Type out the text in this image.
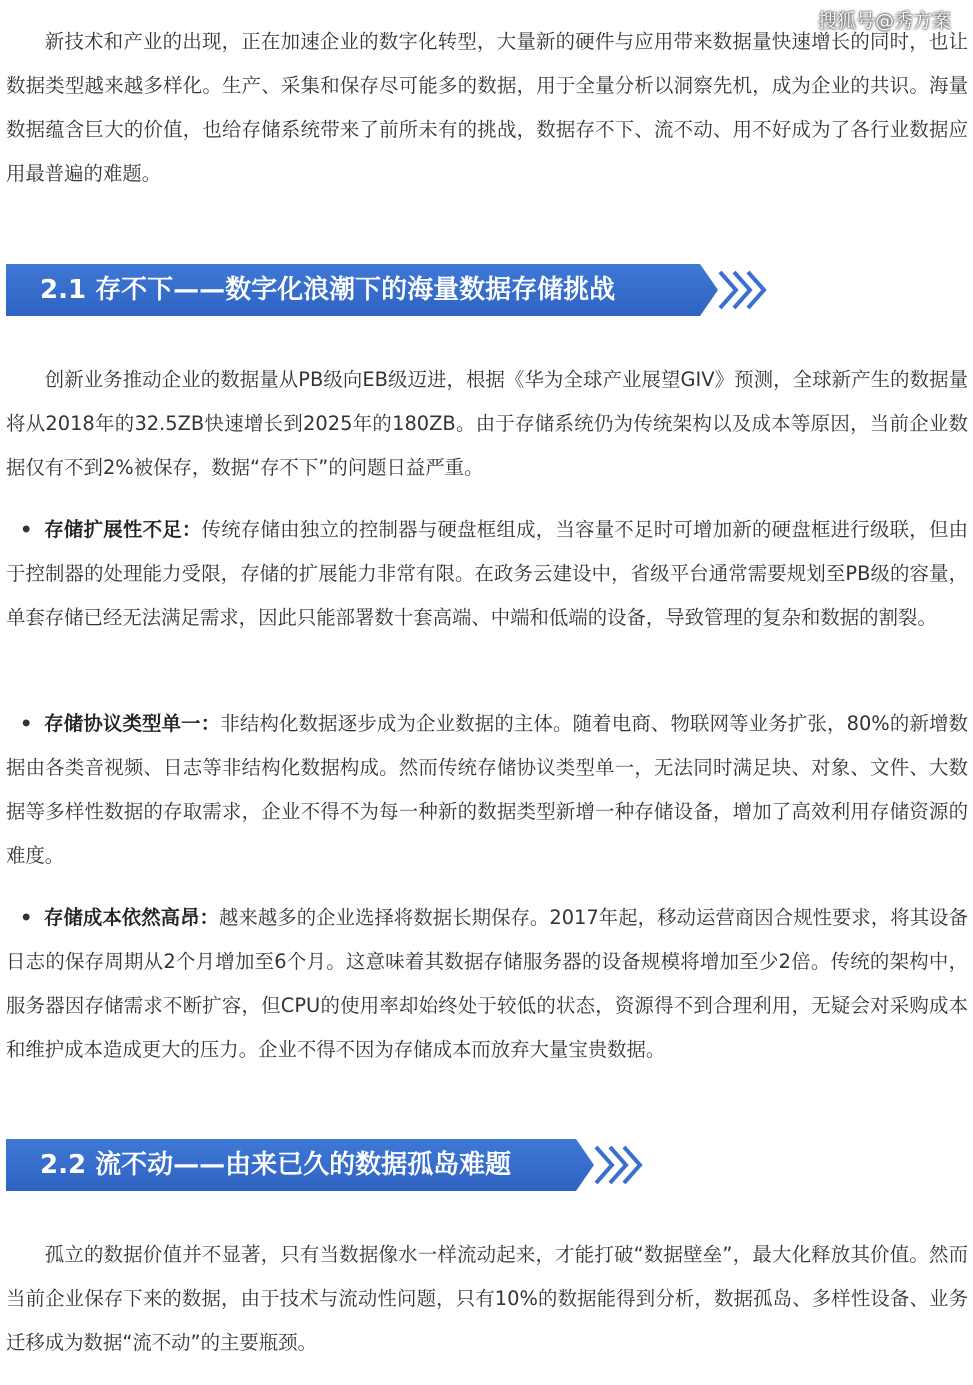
搜狐号@秀方案

新技术和产业的出现，正在加速企业的数字化转型，大量新的硬件与应用带来数据量快速增长的同时，也让数据类型越来越多样化。生产、采集和保存尽可能多的数据，用于全量分析以洞察先机，成为企业的共识。海量数据蕴含巨大的价值，也给存储系统带来了前所未有的挑战，数据存不下、流不动、用不好成为了各行业数据应用最普遍的难题。

2.1 存不下——数字化浪潮下的海量数据存储挑战

创新业务推动企业的数据量从PB级向EB级迈进，根据《华为全球产业展望GIV》预测，全球新产生的数据量将从2018年的32.5ZB快速增长到2025年的180ZB。由于存储系统仍为传统架构以及成本等原因，当前企业数据仅有不到2%被保存，数据“存不下”的问题日益严重。

• 存储扩展性不足：传统存储由独立的控制器与硬盘框组成，当容量不足时可增加新的硬盘框进行级联，但由于控制器的处理能力受限，存储的扩展能力非常有限。在政务云建设中，省级平台通常需要规划至PB级的容量，单套存储已经无法满足需求，因此只能部署数十套高端、中端和低端的设备，导致管理的复杂和数据的割裂。

• 存储协议类型单一：非结构化数据逐步成为企业数据的主体。随着电商、物联网等业务扩张，80%的新增数据由各类音视频、日志等非结构化数据构成。然而传统存储协议类型单一，无法同时满足块、对象、文件、大数据等多样性数据的存取需求，企业不得不为每一种新的数据类型新增一种存储设备，增加了高效利用存储资源的难度。

• 存储成本依然高昂：越来越多的企业选择将数据长期保存。2017年起，移动运营商因合规性要求，将其设备日志的保存周期从2个月增加至6个月。这意味着其数据存储服务器的设备规模将增加至少2倍。传统的架构中，服务器因存储需求不断扩容，但CPU的使用率却始终处于较低的状态，资源得不到合理利用，无疑会对采购成本和维护成本造成更大的压力。企业不得不因为存储成本而放弃大量宝贵数据。

2.2 流不动——由来已久的数据孤岛难题

孤立的数据价值并不显著，只有当数据像水一样流动起来，才能打破“数据壁垒”，最大化释放其价值。然而当前企业保存下来的数据，由于技术与流动性问题，只有10%的数据能得到分析，数据孤岛、多样性设备、业务迁移成为数据“流不动”的主要瓶颈。
